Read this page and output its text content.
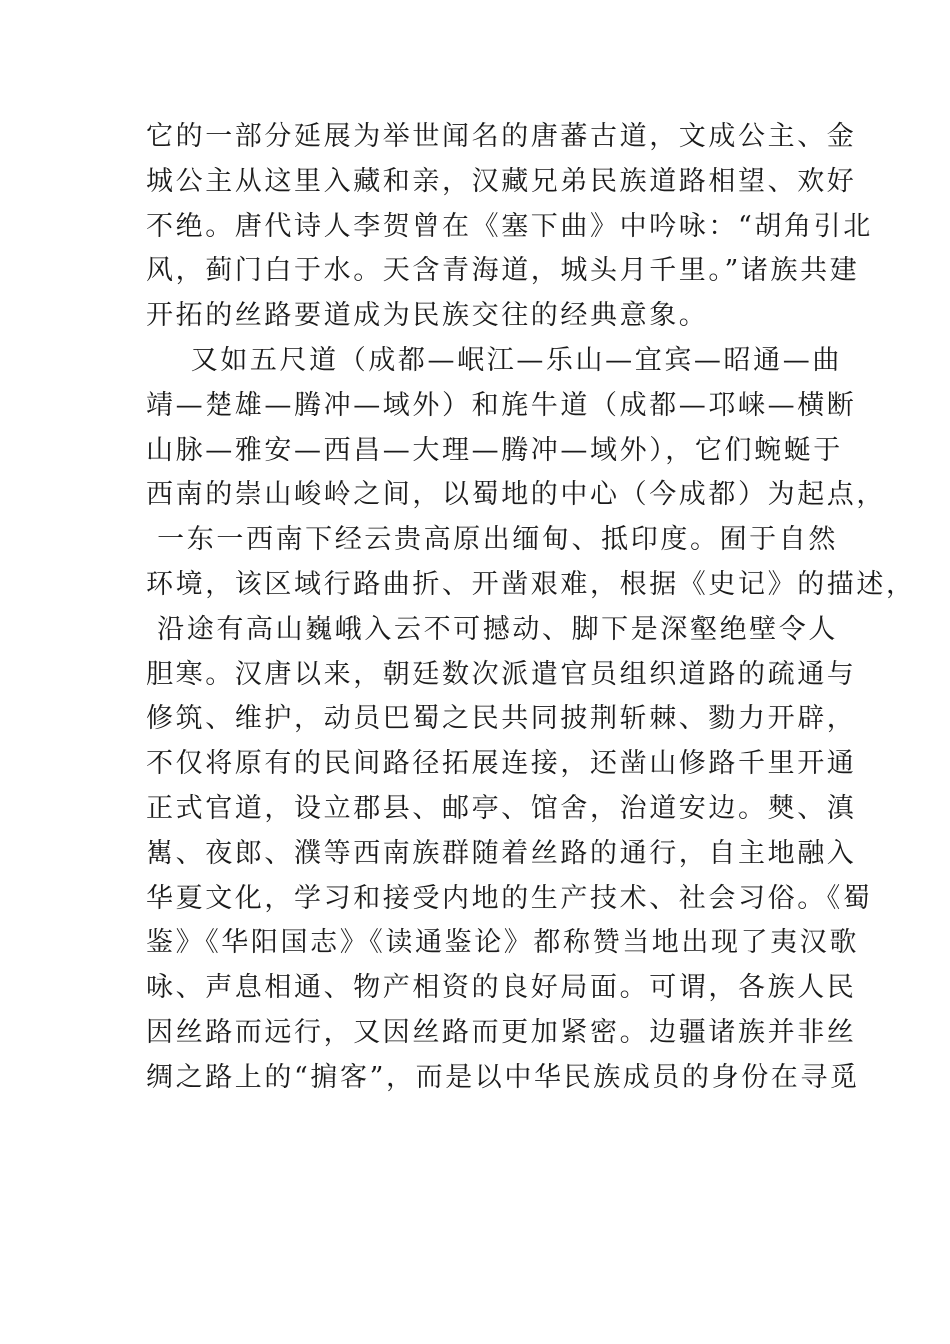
它的一部分延展为举世闻名的唐蕃古道，文成公主、金
城公主从这里入藏和亲，汉藏兄弟民族道路相望、欢好
不绝。唐代诗人李贺曾在《塞下曲》中吟咏：“胡角引北
风，蓟门白于水。天含青海道，城头月千里。”诸族共建
开拓的丝路要道成为民族交往的经典意象。
又如五尺道（成都—岷江—乐山—宜宾—昭通—曲
靖—楚雄—腾冲—域外）和旄牛道（成都—邛崃—横断
山脉—雅安—西昌—大理—腾冲—域外），它们蜿蜒于
西南的崇山峻岭之间，以蜀地的中心（今成都）为起点，
一东一西南下经云贵高原出缅甸、抵印度。囿于自然
环境，该区域行路曲折、开凿艰难，根据《史记》的描述，
沿途有高山巍峨入云不可撼动、脚下是深壑绝壁令人
胆寒。汉唐以来，朝廷数次派遣官员组织道路的疏通与
修筑、维护，动员巴蜀之民共同披荆斩棘、勠力开辟，
不仅将原有的民间路径拓展连接，还凿山修路千里开通
正式官道，设立郡县、邮亭、馆舍，治道安边。僰、滇
嶲、夜郎、濮等西南族群随着丝路的通行，自主地融入
华夏文化，学习和接受内地的生产技术、社会习俗。《蜀
鉴》《华阳国志》《读通鉴论》都称赞当地出现了夷汉歌
咏、声息相通、物产相资的良好局面。可谓，各族人民
因丝路而远行，又因丝路而更加紧密。边疆诸族并非丝
绸之路上的“掮客”，而是以中华民族成员的身份在寻觅
